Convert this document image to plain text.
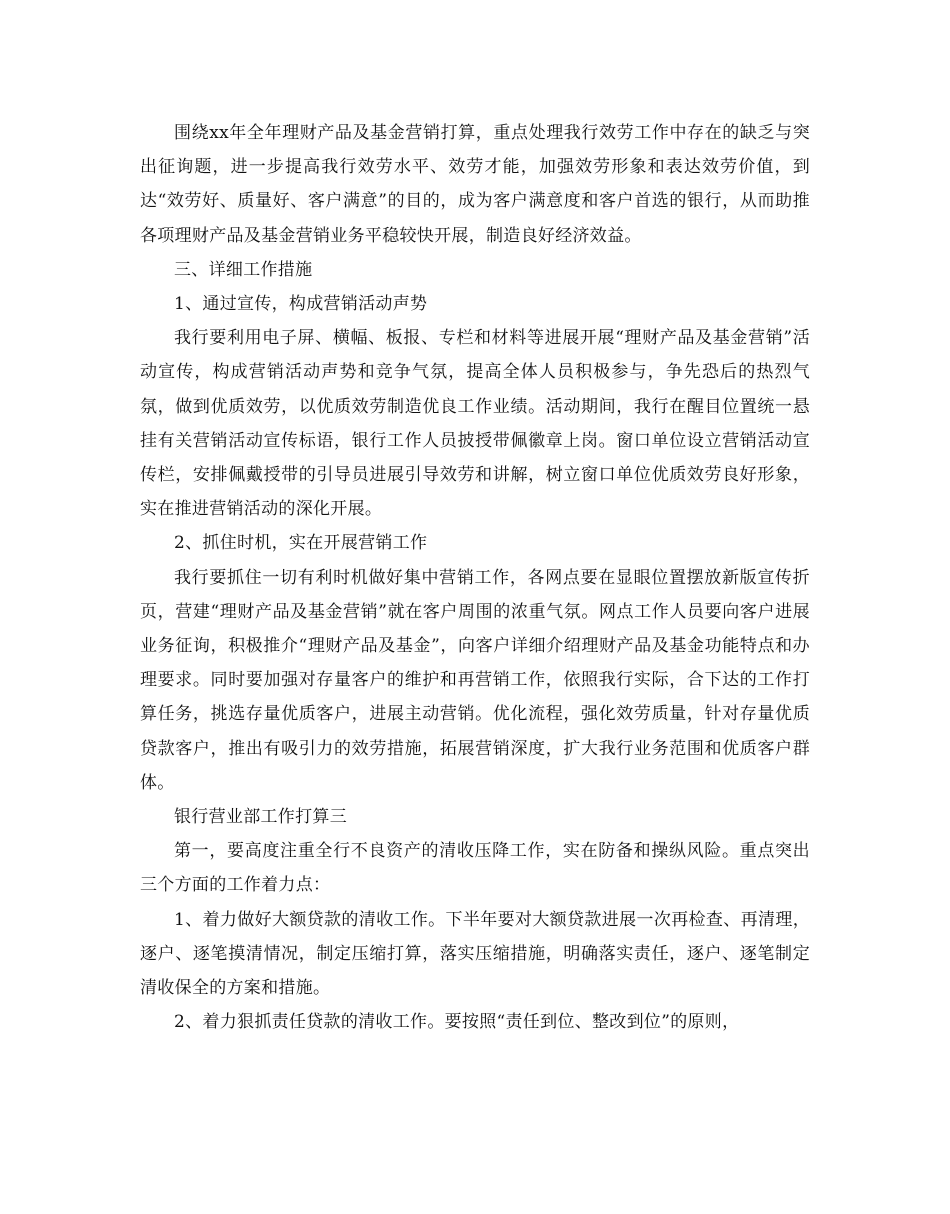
围绕xx年全年理财产品及基金营销打算，重点处理我行效劳工作中存在的缺乏与突出征询题，进一步提高我行效劳水平、效劳才能，加强效劳形象和表达效劳价值，到达“效劳好、质量好、客户满意”的目的，成为客户满意度和客户首选的银行，从而助推各项理财产品及基金营销业务平稳较快开展，制造良好经济效益。

三、详细工作措施

1、通过宣传，构成营销活动声势

我行要利用电子屏、横幅、板报、专栏和材料等进展开展“理财产品及基金营销”活动宣传，构成营销活动声势和竞争气氛，提高全体人员积极参与，争先恐后的热烈气氛，做到优质效劳，以优质效劳制造优良工作业绩。活动期间，我行在醒目位置统一悬挂有关营销活动宣传标语，银行工作人员披授带佩徽章上岗。窗口单位设立营销活动宣传栏，安排佩戴授带的引导员进展引导效劳和讲解，树立窗口单位优质效劳良好形象，实在推进营销活动的深化开展。

2、抓住时机，实在开展营销工作

我行要抓住一切有利时机做好集中营销工作，各网点要在显眼位置摆放新版宣传折页，营建“理财产品及基金营销”就在客户周围的浓重气氛。网点工作人员要向客户进展业务征询，积极推介“理财产品及基金”，向客户详细介绍理财产品及基金功能特点和办理要求。同时要加强对存量客户的维护和再营销工作，依照我行实际，合下达的工作打算任务，挑选存量优质客户，进展主动营销。优化流程，强化效劳质量，针对存量优质贷款客户，推出有吸引力的效劳措施，拓展营销深度，扩大我行业务范围和优质客户群体。

银行营业部工作打算三

第一，要高度注重全行不良资产的清收压降工作，实在防备和操纵风险。重点突出三个方面的工作着力点：

1、着力做好大额贷款的清收工作。下半年要对大额贷款进展一次再检查、再清理，逐户、逐笔摸清情况，制定压缩打算，落实压缩措施，明确落实责任，逐户、逐笔制定清收保全的方案和措施。

2、着力狠抓责任贷款的清收工作。要按照“责任到位、整改到位”的原则，
